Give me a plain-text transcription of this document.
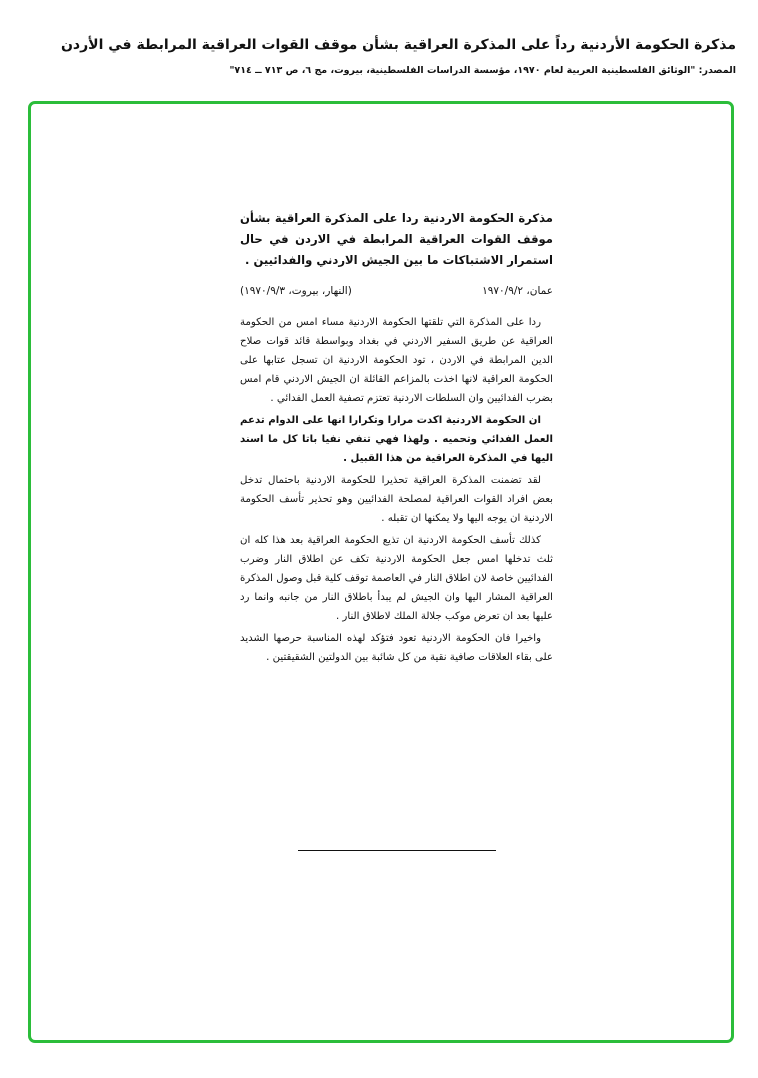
مذكرة الحكومة الأردنية رداً على المذكرة العراقية بشأن موقف القوات العراقية المرابطة في الأردن

المصدر: "الوثائق الفلسطينية العربية لعام ١٩٧٠، مؤسسة الدراسات الفلسطينية، بيروت، مج ٦، ص ٧١٣ ــ ٧١٤"

مذكرة الحكومة الاردنية ردا على المذكرة العراقية بشأن موقف القوات العراقية المرابطة في الاردن في حال استمرار الاشتباكات ما بين الجيش الاردني والفدائيين .

عمان، ١٩٧٠/٩/٢
(النهار، بيروت، ١٩٧٠/٩/٣)

ردا على المذكرة التي تلقتها الحكومة الاردنية مساء امس من الحكومة العراقية عن طريق السفير الاردني في بغداد وبواسطة قائد قوات صلاح الدين المرابطة في الاردن ، تود الحكومة الاردنية ان تسجل عتابها على الحكومة العراقية لانها اخذت بالمزاعم القائلة ان الجيش الاردني قام امس بضرب الفدائيين وان السلطات الاردنية تعتزم تصفية العمل الفدائي .

ان الحكومة الاردنية اكدت مرارا وتكرارا انها على الدوام تدعم العمل الفدائي وتحميه . ولهذا فهي تنفي نفيا باتا كل ما اسند اليها في المذكرة العراقية من هذا القبيل .

لقد تضمنت المذكرة العراقية تحذيرا للحكومة الاردنية باحتمال تدخل بعض افراد القوات العراقية لمصلحة الفدائيين وهو تحذير تأسف الحكومة الاردنية ان يوجه اليها ولا يمكنها ان تقبله .

كذلك تأسف الحكومة الاردنية ان تذيع الحكومة العراقية بعد هذا كله ان ثلث تدخلها امس جعل الحكومة الاردنية تكف عن اطلاق النار وضرب الفدائيين خاصة لان اطلاق النار في العاصمة توقف كلية قبل وصول المذكرة العراقية المشار اليها وان الجيش لم يبدأ باطلاق النار من جانبه وانما رد عليها بعد ان تعرض موكب جلالة الملك لاطلاق النار .

واخيرا فان الحكومة الاردنية تعود فتؤكد لهذه المناسبة حرصها الشديد على بقاء العلاقات صافية نقية من كل شائبة بين الدولتين الشقيقتين .
